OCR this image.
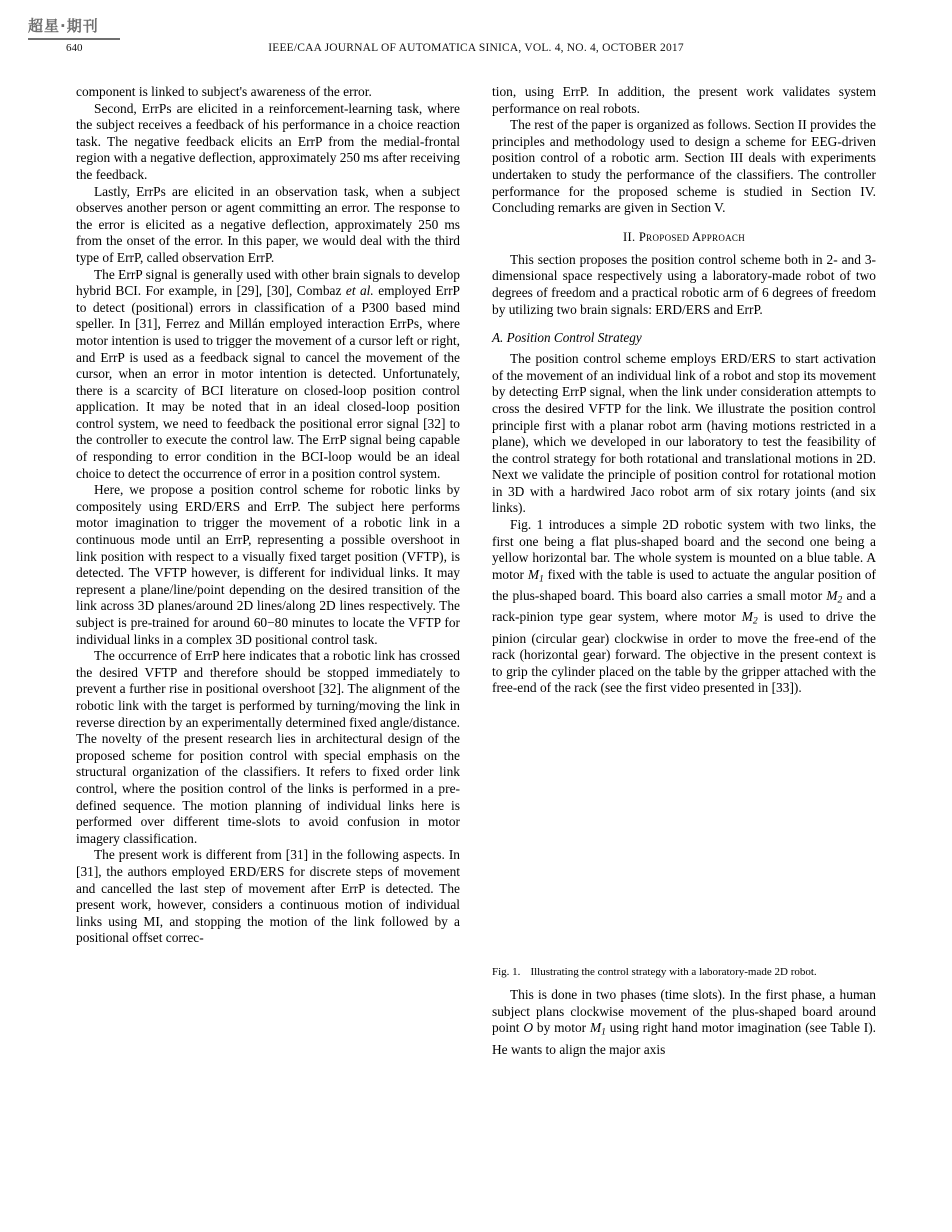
超星·期刊
640	IEEE/CAA JOURNAL OF AUTOMATICA SINICA, VOL. 4, NO. 4, OCTOBER 2017

component is linked to subject's awareness of the error.

Second, ErrPs are elicited in a reinforcement-learning task, where the subject receives a feedback of his performance in a choice reaction task. The negative feedback elicits an ErrP from the medial-frontal region with a negative deflection, approximately 250 ms after receiving the feedback.

Lastly, ErrPs are elicited in an observation task, when a subject observes another person or agent committing an error. The response to the error is elicited as a negative deflection, approximately 250 ms from the onset of the error. In this paper, we would deal with the third type of ErrP, called observation ErrP.

The ErrP signal is generally used with other brain signals to develop hybrid BCI. For example, in [29], [30], Combaz et al. employed ErrP to detect (positional) errors in classification of a P300 based mind speller. In [31], Ferrez and Millán employed interaction ErrPs, where motor intention is used to trigger the movement of a cursor left or right, and ErrP is used as a feedback signal to cancel the movement of the cursor, when an error in motor intention is detected. Unfortunately, there is a scarcity of BCI literature on closed-loop position control application. It may be noted that in an ideal closed-loop position control system, we need to feedback the positional error signal [32] to the controller to execute the control law. The ErrP signal being capable of responding to error condition in the BCI-loop would be an ideal choice to detect the occurrence of error in a position control system.

Here, we propose a position control scheme for robotic links by compositely using ERD/ERS and ErrP. The subject here performs motor imagination to trigger the movement of a robotic link in a continuous mode until an ErrP, representing a possible overshoot in link position with respect to a visually fixed target position (VFTP), is detected. The VFTP however, is different for individual links. It may represent a plane/line/point depending on the desired transition of the link across 3D planes/around 2D lines/along 2D lines respectively. The subject is pre-trained for around 60−80 minutes to locate the VFTP for individual links in a complex 3D positional control task.

The occurrence of ErrP here indicates that a robotic link has crossed the desired VFTP and therefore should be stopped immediately to prevent a further rise in positional overshoot [32]. The alignment of the robotic link with the target is performed by turning/moving the link in reverse direction by an experimentally determined fixed angle/distance. The novelty of the present research lies in architectural design of the proposed scheme for position control with special emphasis on the structural organization of the classifiers. It refers to fixed order link control, where the position control of the links is performed in a pre-defined sequence. The motion planning of individual links here is performed over different time-slots to avoid confusion in motor imagery classification.

The present work is different from [31] in the following aspects. In [31], the authors employed ERD/ERS for discrete steps of movement and cancelled the last step of movement after ErrP is detected. The present work, however, considers a continuous motion of individual links using MI, and stopping the motion of the link followed by a positional offset correc-

tion, using ErrP. In addition, the present work validates system performance on real robots.

The rest of the paper is organized as follows. Section II provides the principles and methodology used to design a scheme for EEG-driven position control of a robotic arm. Section III deals with experiments undertaken to study the performance of the classifiers. The controller performance for the proposed scheme is studied in Section IV. Concluding remarks are given in Section V.

II. Proposed Approach

This section proposes the position control scheme both in 2- and 3-dimensional space respectively using a laboratory-made robot of two degrees of freedom and a practical robotic arm of 6 degrees of freedom by utilizing two brain signals: ERD/ERS and ErrP.

A. Position Control Strategy

The position control scheme employs ERD/ERS to start activation of the movement of an individual link of a robot and stop its movement by detecting ErrP signal, when the link under consideration attempts to cross the desired VFTP for the link. We illustrate the position control principle first with a planar robot arm (having motions restricted in a plane), which we developed in our laboratory to test the feasibility of the control strategy for both rotational and translational motions in 2D. Next we validate the principle of position control for rotational motion in 3D with a hardwired Jaco robot arm of six rotary joints (and six links).

Fig. 1 introduces a simple 2D robotic system with two links, the first one being a flat plus-shaped board and the second one being a yellow horizontal bar. The whole system is mounted on a blue table. A motor $M_1$ fixed with the table is used to actuate the angular position of the plus-shaped board. This board also carries a small motor $M_2$ and a rack-pinion type gear system, where motor $M_2$ is used to drive the pinion (circular gear) clockwise in order to move the free-end of the rack (horizontal gear) forward. The objective in the present context is to grip the cylinder placed on the table by the gripper attached with the free-end of the rack (see the first video presented in [33]).

Fig. 1. Illustrating the control strategy with a laboratory-made 2D robot.

This is done in two phases (time slots). In the first phase, a human subject plans clockwise movement of the plus-shaped board around point O by motor $M_1$ using right hand motor imagination (see Table I). He wants to align the major axis
